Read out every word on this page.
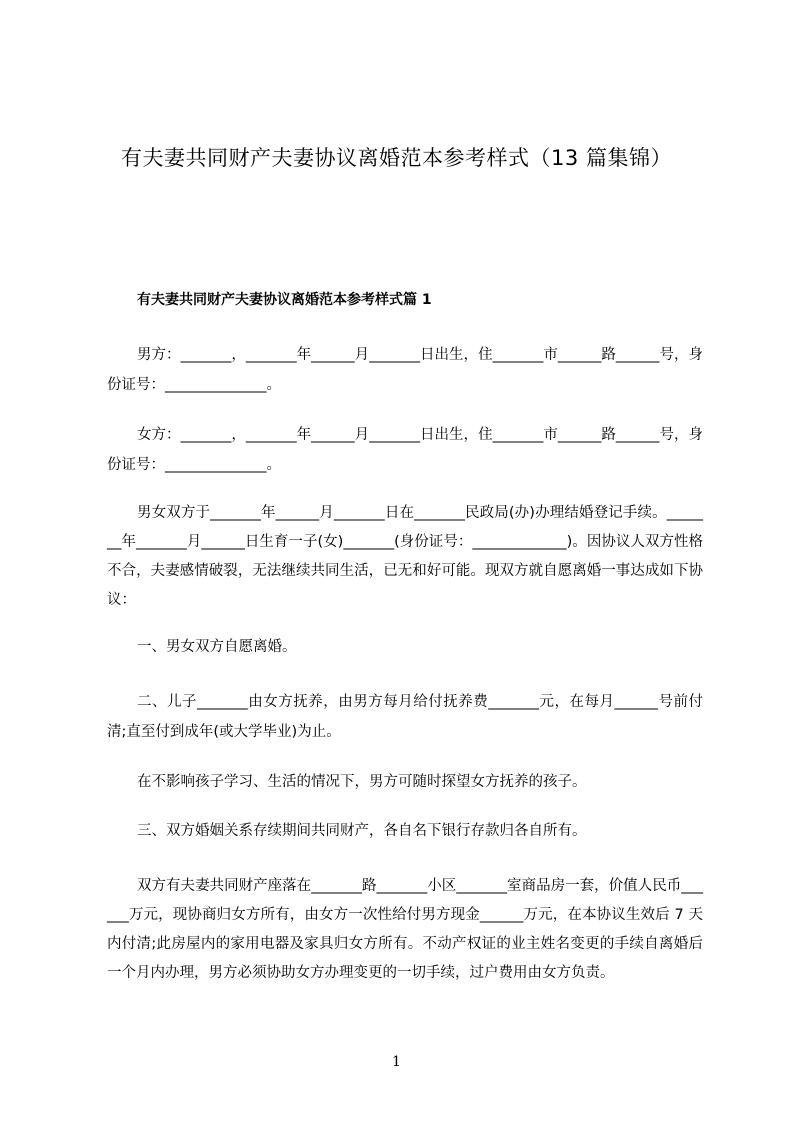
有夫妻共同财产夫妻协议离婚范本参考样式（13 篇集锦）
有夫妻共同财产夫妻协议离婚范本参考样式篇 1
男方：_______，_______年______月_______日出生，住_______市______路______号，身份证号：______________。
女方：_______，_______年______月_______日出生，住_______市______路______号，身份证号：______________。
男女双方于_______年______月_______日在_______民政局(办)办理结婚登记手续。_______年_______月______日生育一子(女)_______(身份证号：_____________)。因协议人双方性格不合，夫妻感情破裂，无法继续共同生活，已无和好可能。现双方就自愿离婚一事达成如下协议：
一、男女双方自愿离婚。
二、儿子_______由女方抚养，由男方每月给付抚养费_______元，在每月______号前付清;直至付到成年(或大学毕业)为止。
在不影响孩子学习、生活的情况下，男方可随时探望女方抚养的孩子。
三、双方婚姻关系存续期间共同财产，各自名下银行存款归各自所有。
双方有夫妻共同财产座落在_______路_______小区_______室商品房一套，价值人民币______万元，现协商归女方所有，由女方一次性给付男方现金______万元，在本协议生效后 7 天内付清;此房屋内的家用电器及家具归女方所有。不动产权证的业主姓名变更的手续自离婚后一个月内办理，男方必须协助女方办理变更的一切手续，过户费用由女方负责。
1
